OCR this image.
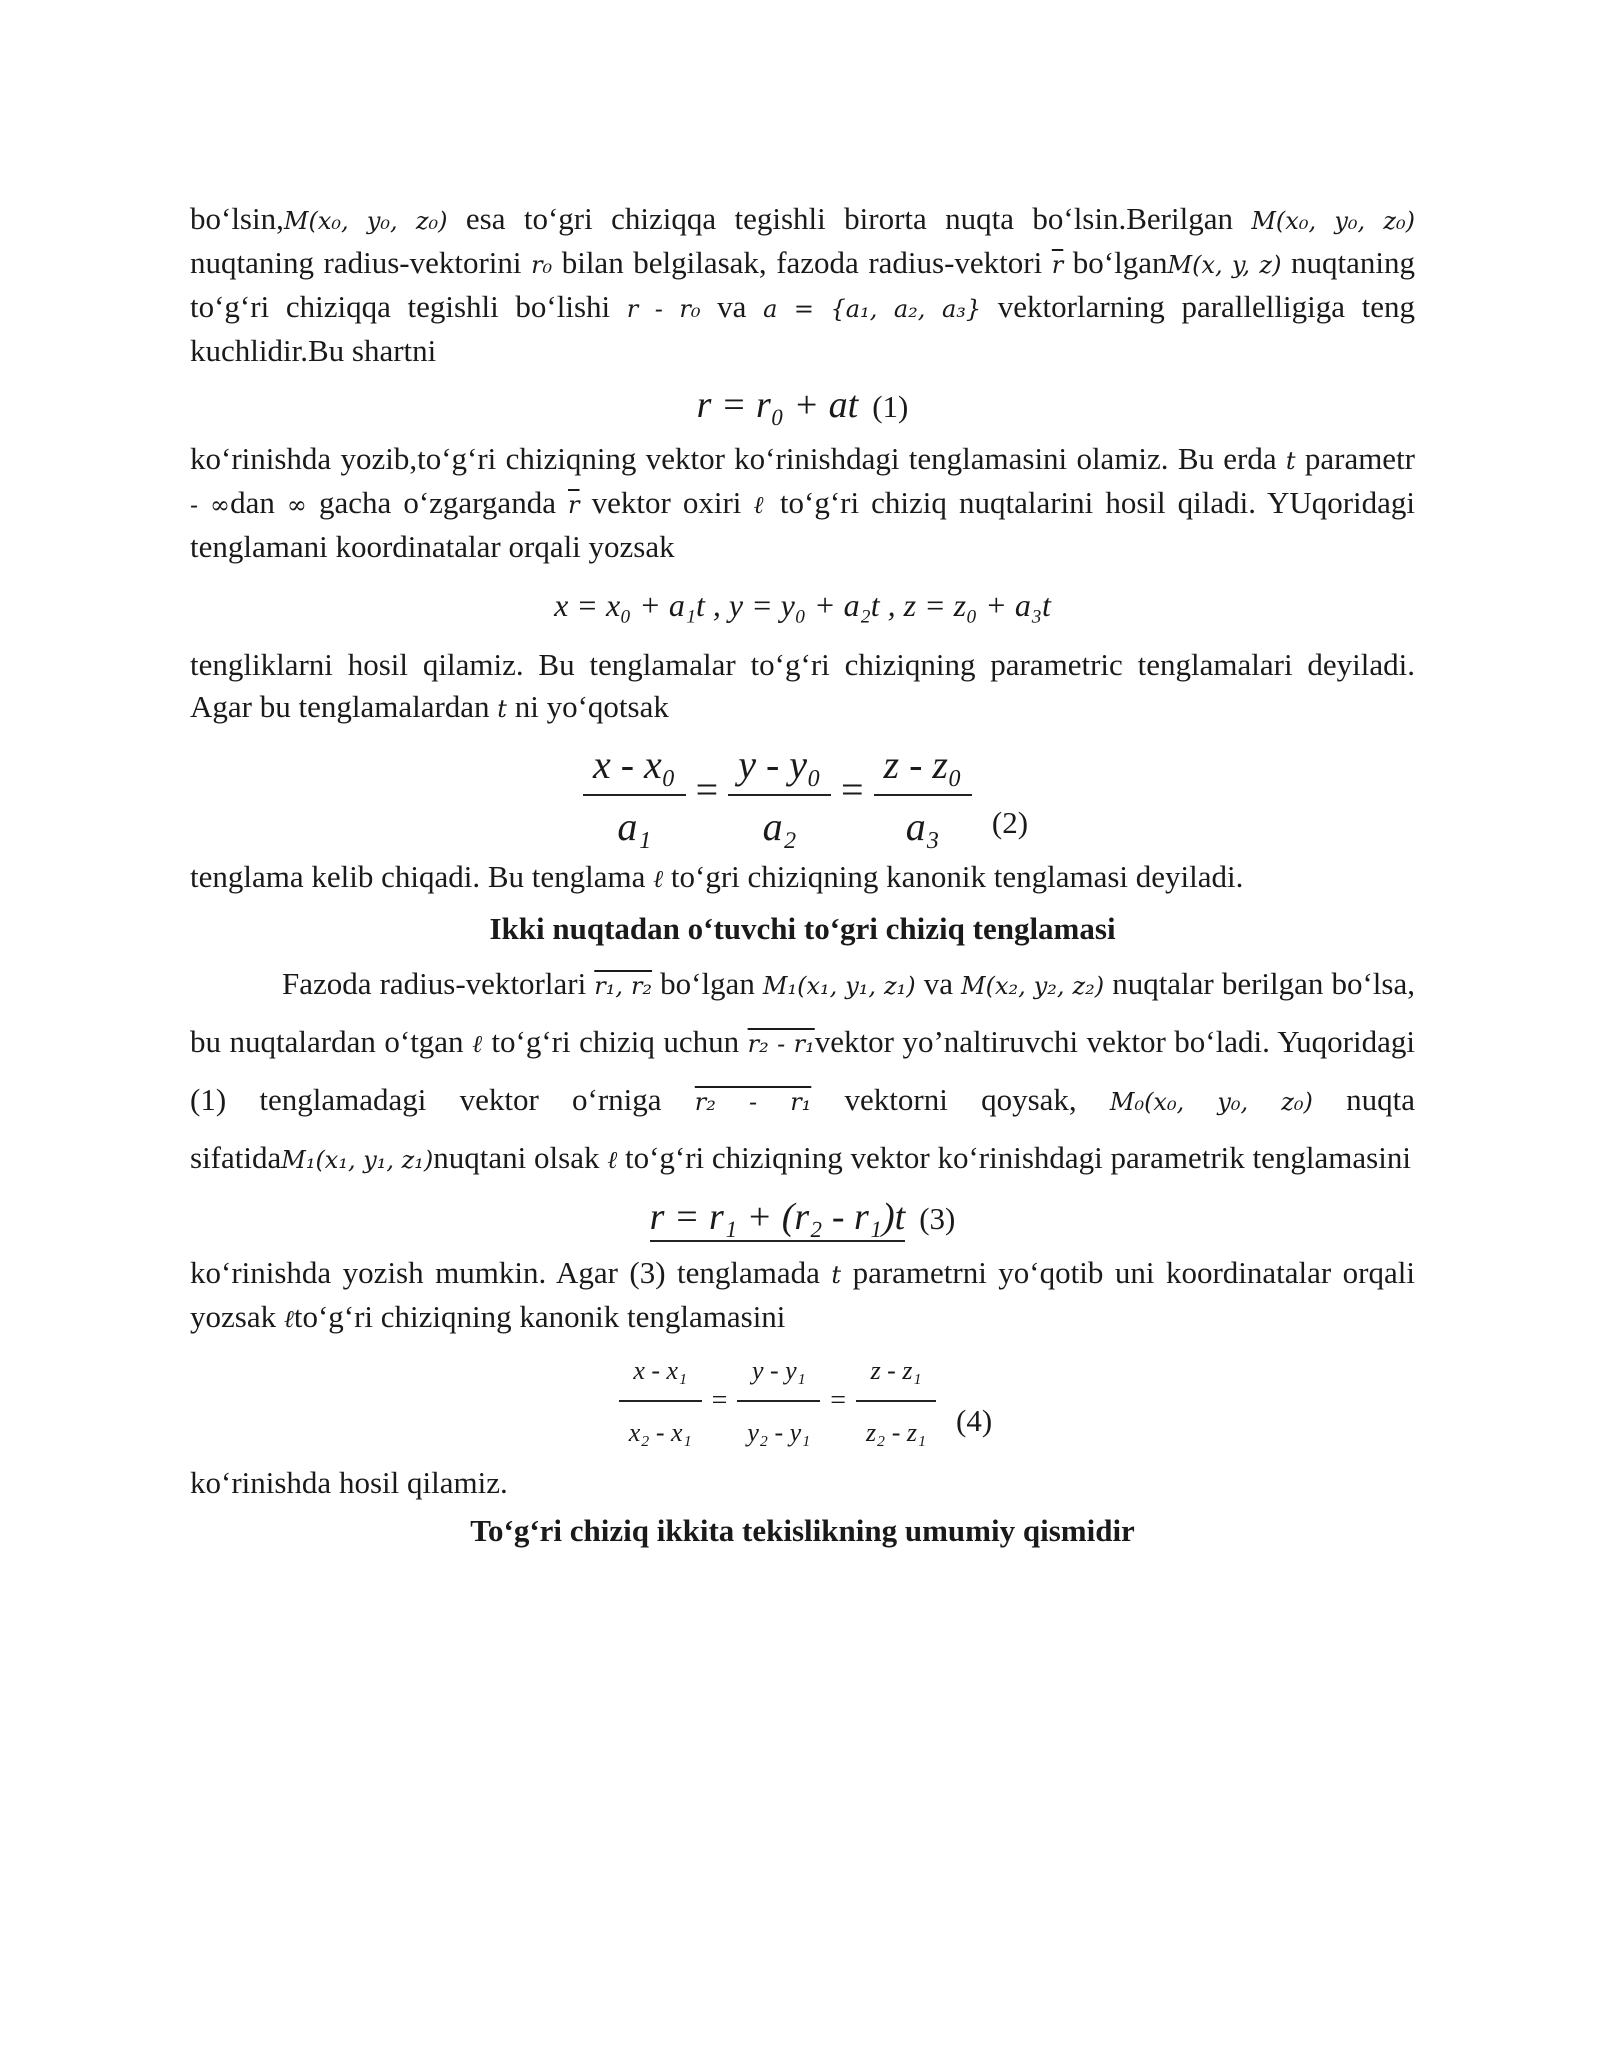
bo‘lsin,M(x₀, y₀, z₀) esa to‘gri chiziqqa tegishli birorta nuqta bo‘lsin.Berilgan M(x₀, y₀, z₀) nuqtaning radius-vektorini r₀ bilan belgilasak, fazoda radius-vektori $\overline{r}$ bo‘lganM(x, y, z) nuqtaning to‘g‘ri chiziqqa tegishli bo‘lishi r - r₀ va a = {a₁, a₂, a₃} vektorlarning parallelligiga teng kuchlidir.Bu shartni

r = r₀ + at (1)

ko‘rinishda yozib,to‘g‘ri chiziqning vektor ko‘rinishdagi tenglamasini olamiz. Bu erda t parametr - ∞dan ∞ gacha o‘zgarganda $\overline{r}$ vektor oxiri ℓ to‘g‘ri chiziq nuqtalarini hosil qiladi. YUqoridagi tenglamani koordinatalar orqali yozsak

x = x₀ + a₁t , y = y₀ + a₂t , z = z₀ + a₃t

tengliklarni hosil qilamiz. Bu tenglamalar to‘g‘ri chiziqning parametric tenglamalari deyiladi. Agar bu tenglamalardan t ni yo‘qotsak

$\frac{\text{x - x₀}}{\text{a₁}} = \frac{\text{y - y₀}}{\text{a₂}} = \frac{\text{z - z₀}}{\text{a₃}} (2)$

tenglama kelib chiqadi. Bu tenglama ℓ to‘gri chiziqning kanonik tenglamasi deyiladi.

Ikki nuqtadan o‘tuvchi to‘gri chiziq tenglamasi

Fazoda radius-vektorlari r₁, r₂ bo‘lgan M₁(x₁, y₁, z₁) va M(x₂, y₂, z₂) nuqtalar berilgan bo‘lsa, bu nuqtalardan o‘tgan ℓ to‘g‘ri chiziq uchun r₂ - r₁vektor yo’naltiruvchi vektor bo‘ladi. Yuqoridagi (1) tenglamadagi vektor o‘rniga r₂ - r₁ vektorni qoysak, M₀(x₀, y₀, z₀) nuqta sifatidaM₁(x₁, y₁, z₁)nuqtani olsak ℓ to‘g‘ri chiziqning vektor ko‘rinishdagi parametrik tenglamasini

r = r₁ + (r₂ - r₁)t (3)

ko‘rinishda yozish mumkin. Agar (3) tenglamada t parametrni yo‘qotib uni koordinatalar orqali yozsak ℓto‘g‘ri chiziqning kanonik tenglamasini

$\frac{\text{x - x₁}}{\text{x₂ - x₁}} = \frac{\text{y - y₁}}{\text{y₂ - y₁}} = \frac{\text{z - z₁}}{\text{z₂ - z₁}} (4)$

ko‘rinishda hosil qilamiz.

To‘g‘ri chiziq ikkita tekislikning umumiy qismidir
